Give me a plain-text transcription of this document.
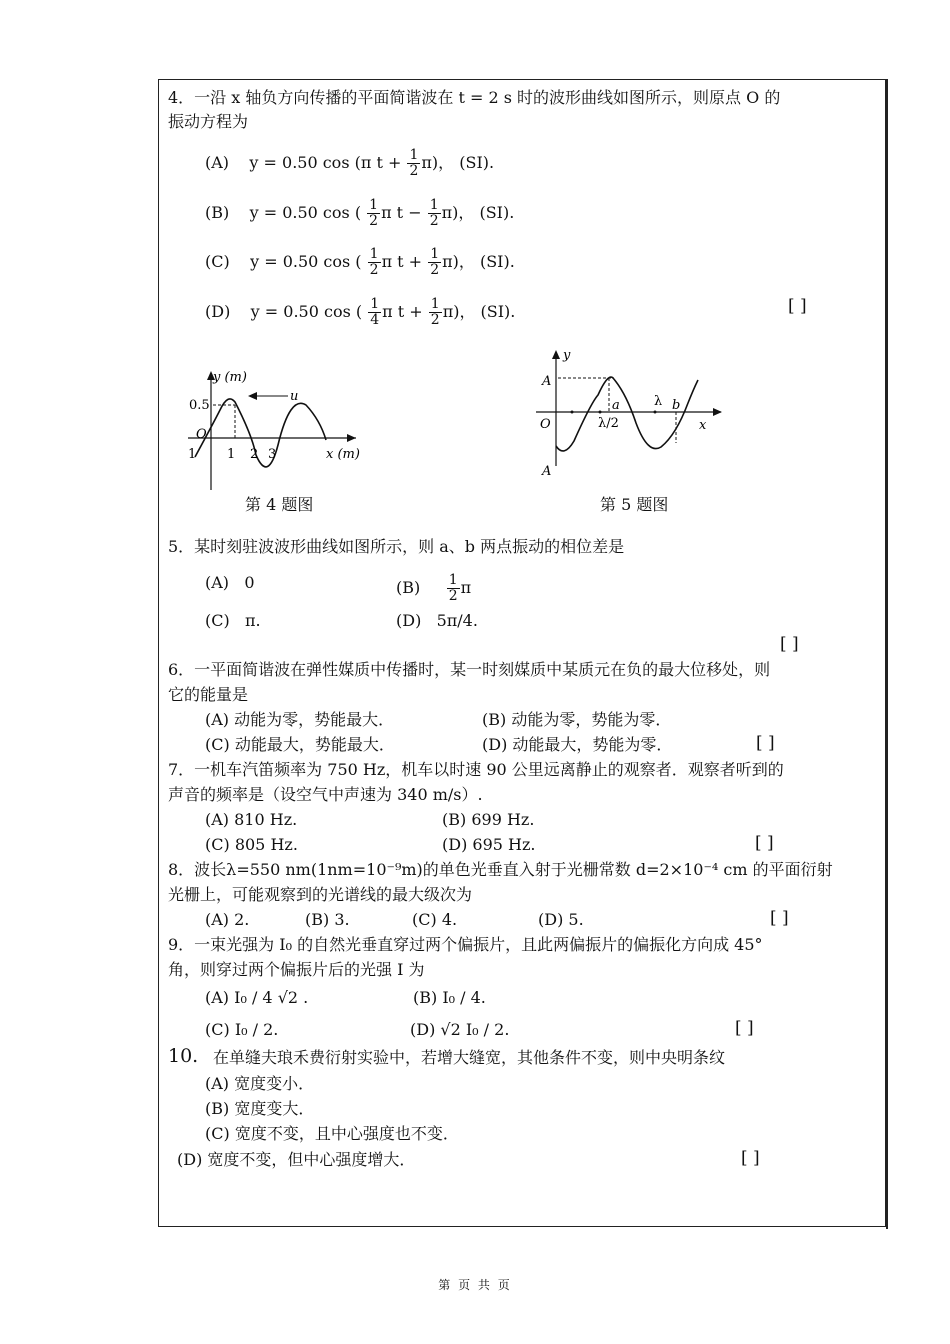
4．一沿 x 轴负方向传播的平面简谐波在 t = 2 s 时的波形曲线如图所示，则原点 O 的
振动方程为
(A) y = 0.50 cos (π $t + \frac{1}{2} \pi$)， (SI).
(B) y = 0.50 cos ( $\frac{1}{2}$ π $t - \frac{1}{2} \pi$)， (SI).
(C) y = 0.50 cos ( $\frac{1}{2}$ π $t + \frac{1}{2} \pi$)， (SI).
(D) y = 0.50 cos ( $\frac{1}{4}$ π $t + \frac{1}{2} \pi$)， (SI).	[ ]
y (m)
u
0.5
O
1 1 2 3	x (m)
第 4 题图
y
A
A
O
a	λ b
λ/2	x
第 5 题图
5．某时刻驻波波形曲线如图所示，则 a、b 两点振动的相位差是
(A) 0	$(B) \frac{1}{2}$ π
(C) π.	(D) 5π/4.
[ ]
6．一平面简谐波在弹性媒质中传播时，某一时刻媒质中某质元在负的最大位移处，则
它的能量是
(A) 动能为零，势能最大．	(B) 动能为零，势能为零．
(C) 动能最大，势能最大．	(D) 动能最大，势能为零．	[ ]
7．一机车汽笛频率为 750 Hz，机车以时速 90 公里远离静止的观察者．观察者听到的
声音的频率是（设空气中声速为 340 m/s）.
(A) 810 Hz.	(B) 699 Hz.
(C) 805 Hz.	(D) 695 Hz.	[ ]
8．波长λ=550 nm(1nm=10⁻⁹m)的单色光垂直入射于光栅常数 d=2×10⁻⁴ cm 的平面衍射
光栅上，可能观察到的光谱线的最大级次为
(A) 2.	(B) 3.	(C) 4.	(D) 5.	[ ]
9．一束光强为 I₀ 的自然光垂直穿过两个偏振片，且此两偏振片的偏振化方向成 45°
角，则穿过两个偏振片后的光强 I 为
(A) I₀ / 4 √2 .	(B) I₀ / 4.
(C) I₀ / 2.	(D) √2 I₀ / 2.	[ ]
10. 在单缝夫琅禾费衍射实验中，若增大缝宽，其他条件不变，则中央明条纹
(A) 宽度变小．
(B) 宽度变大．
(C) 宽度不变，且中心强度也不变．
(D) 宽度不变，但中心强度增大．	[ ]
第 页 共 页
